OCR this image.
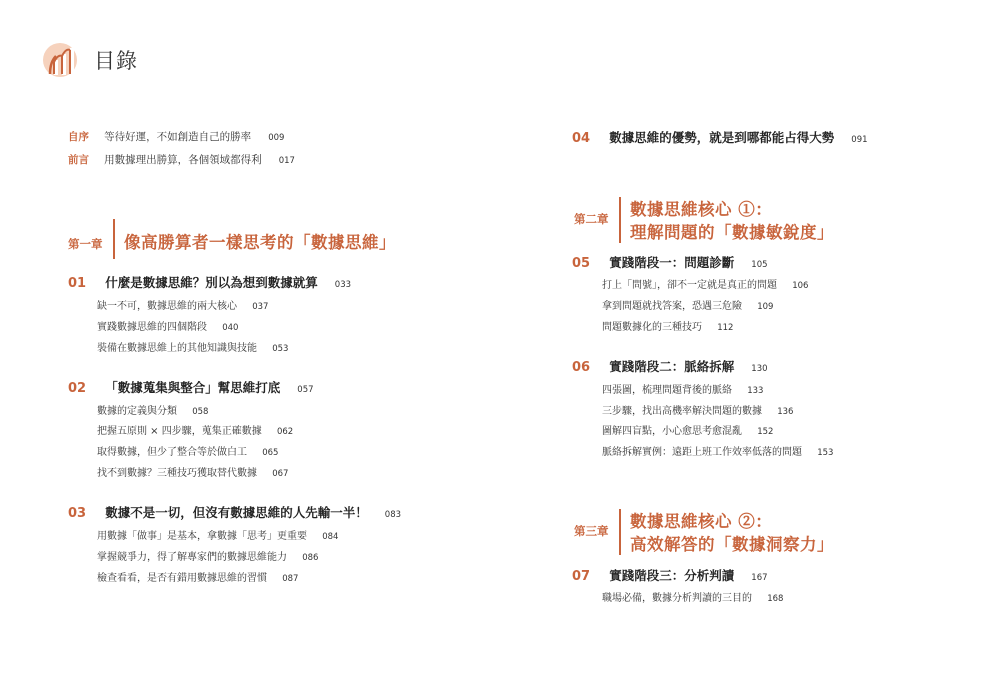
目錄
自序 等待好運，不如創造自己的勝率 009
前言 用數據理出勝算，各個領域都得利 017
第一章 像高勝算者一樣思考的「數據思維」
01 什麼是數據思維？別以為想到數據就算 033
缺一不可，數據思維的兩大核心 037
實踐數據思維的四個階段 040
裝備在數據思維上的其他知識與技能 053
02 「數據蒐集與整合」幫思維打底 057
數據的定義與分類 058
把握五原則 × 四步驟，蒐集正確數據 062
取得數據，但少了整合等於做白工 065
找不到數據？三種技巧獲取替代數據 067
03 數據不是一切，但沒有數據思維的人先輸一半！ 083
用數據「做事」是基本，拿數據「思考」更重要 084
掌握競爭力，得了解專家們的數據思維能力 086
檢查看看，是否有錯用數據思維的習慣 087
04 數據思維的優勢，就是到哪都能占得大勢 091
第二章 數據思維核心 ①：
理解問題的「數據敏銳度」
05 實踐階段一：問題診斷 105
打上「問號」，卻不一定就是真正的問題 106
拿到問題就找答案，恐遇三危險 109
問題數據化的三種技巧 112
06 實踐階段二：脈絡拆解 130
四張圖，梳理問題背後的脈絡 133
三步驟，找出高機率解決問題的數據 136
圖解四盲點，小心愈思考愈混亂 152
脈絡拆解實例：遠距上班工作效率低落的問題 153
第三章 數據思維核心 ②：
高效解答的「數據洞察力」
07 實踐階段三：分析判讀 167
職場必備，數據分析判讀的三目的 168
